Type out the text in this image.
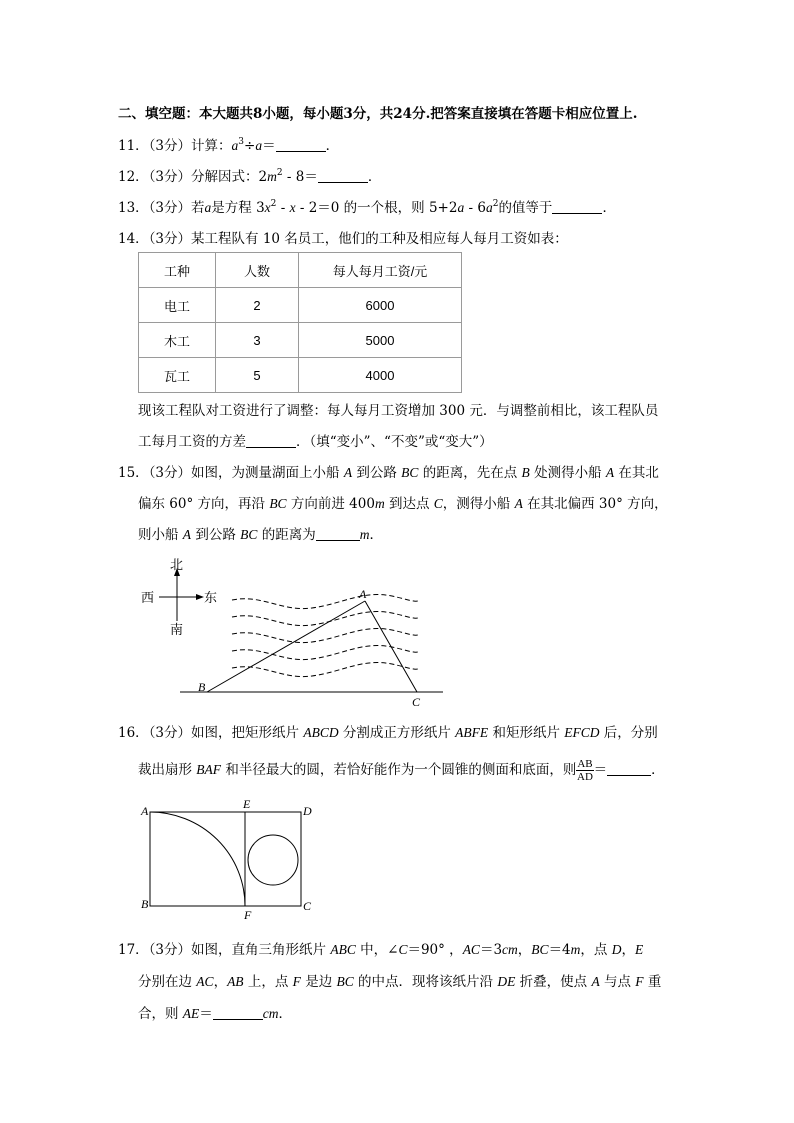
二、填空题：本大题共8小题，每小题3分，共24分.把答案直接填在答题卡相应位置上.
11．（3分）计算：$a^3\div a=$	．
12．（3分）分解因式：$2m^2 - 8=$	．
13．（3分）若a是方程 $3x^2 - x - 2=0$ 的一个根，则 $5+2a - 6a^2$的值等于	．
14．（3分）某工程队有 10 名员工，他们的工种及相应每人每月工资如表：
工种	人数	每人每月工资/元
电工	2	6000
木工	3	5000
瓦工	5	4000
现该工程队对工资进行了调整：每人每月工资增加 300 元．与调整前相比，该工程队员
工每月工资的方差	．（填“变小”、“不变”或“变大”）
15．（3分）如图，为测量湖面上小船 A 到公路 BC 的距离，先在点 B 处测得小船 A 在其北
偏东 60° 方向，再沿 BC 方向前进 400m 到达点 C，测得小船 A 在其北偏西 30° 方向，
则小船 A 到公路 BC 的距离为	m．
北
西	东
南
A
B
C
A
B	C
D
E
F
16．（3分）如图，把矩形纸片 ABCD 分割成正方形纸片 ABFE 和矩形纸片 EFCD 后，分别
裁出扇形 BAF 和半径最大的圆，若恰好能作为一个圆锥的侧面和底面，则 $\frac{AB}{AD}$ ＝	．
17．（3分）如图，直角三角形纸片 ABC 中，∠C＝90° ，AC＝3cm，BC＝4m，点 D，E
分别在边 AC，AB 上，点 F 是边 BC 的中点．现将该纸片沿 DE 折叠，使点 A 与点 F 重
合，则 AE＝	cm．
